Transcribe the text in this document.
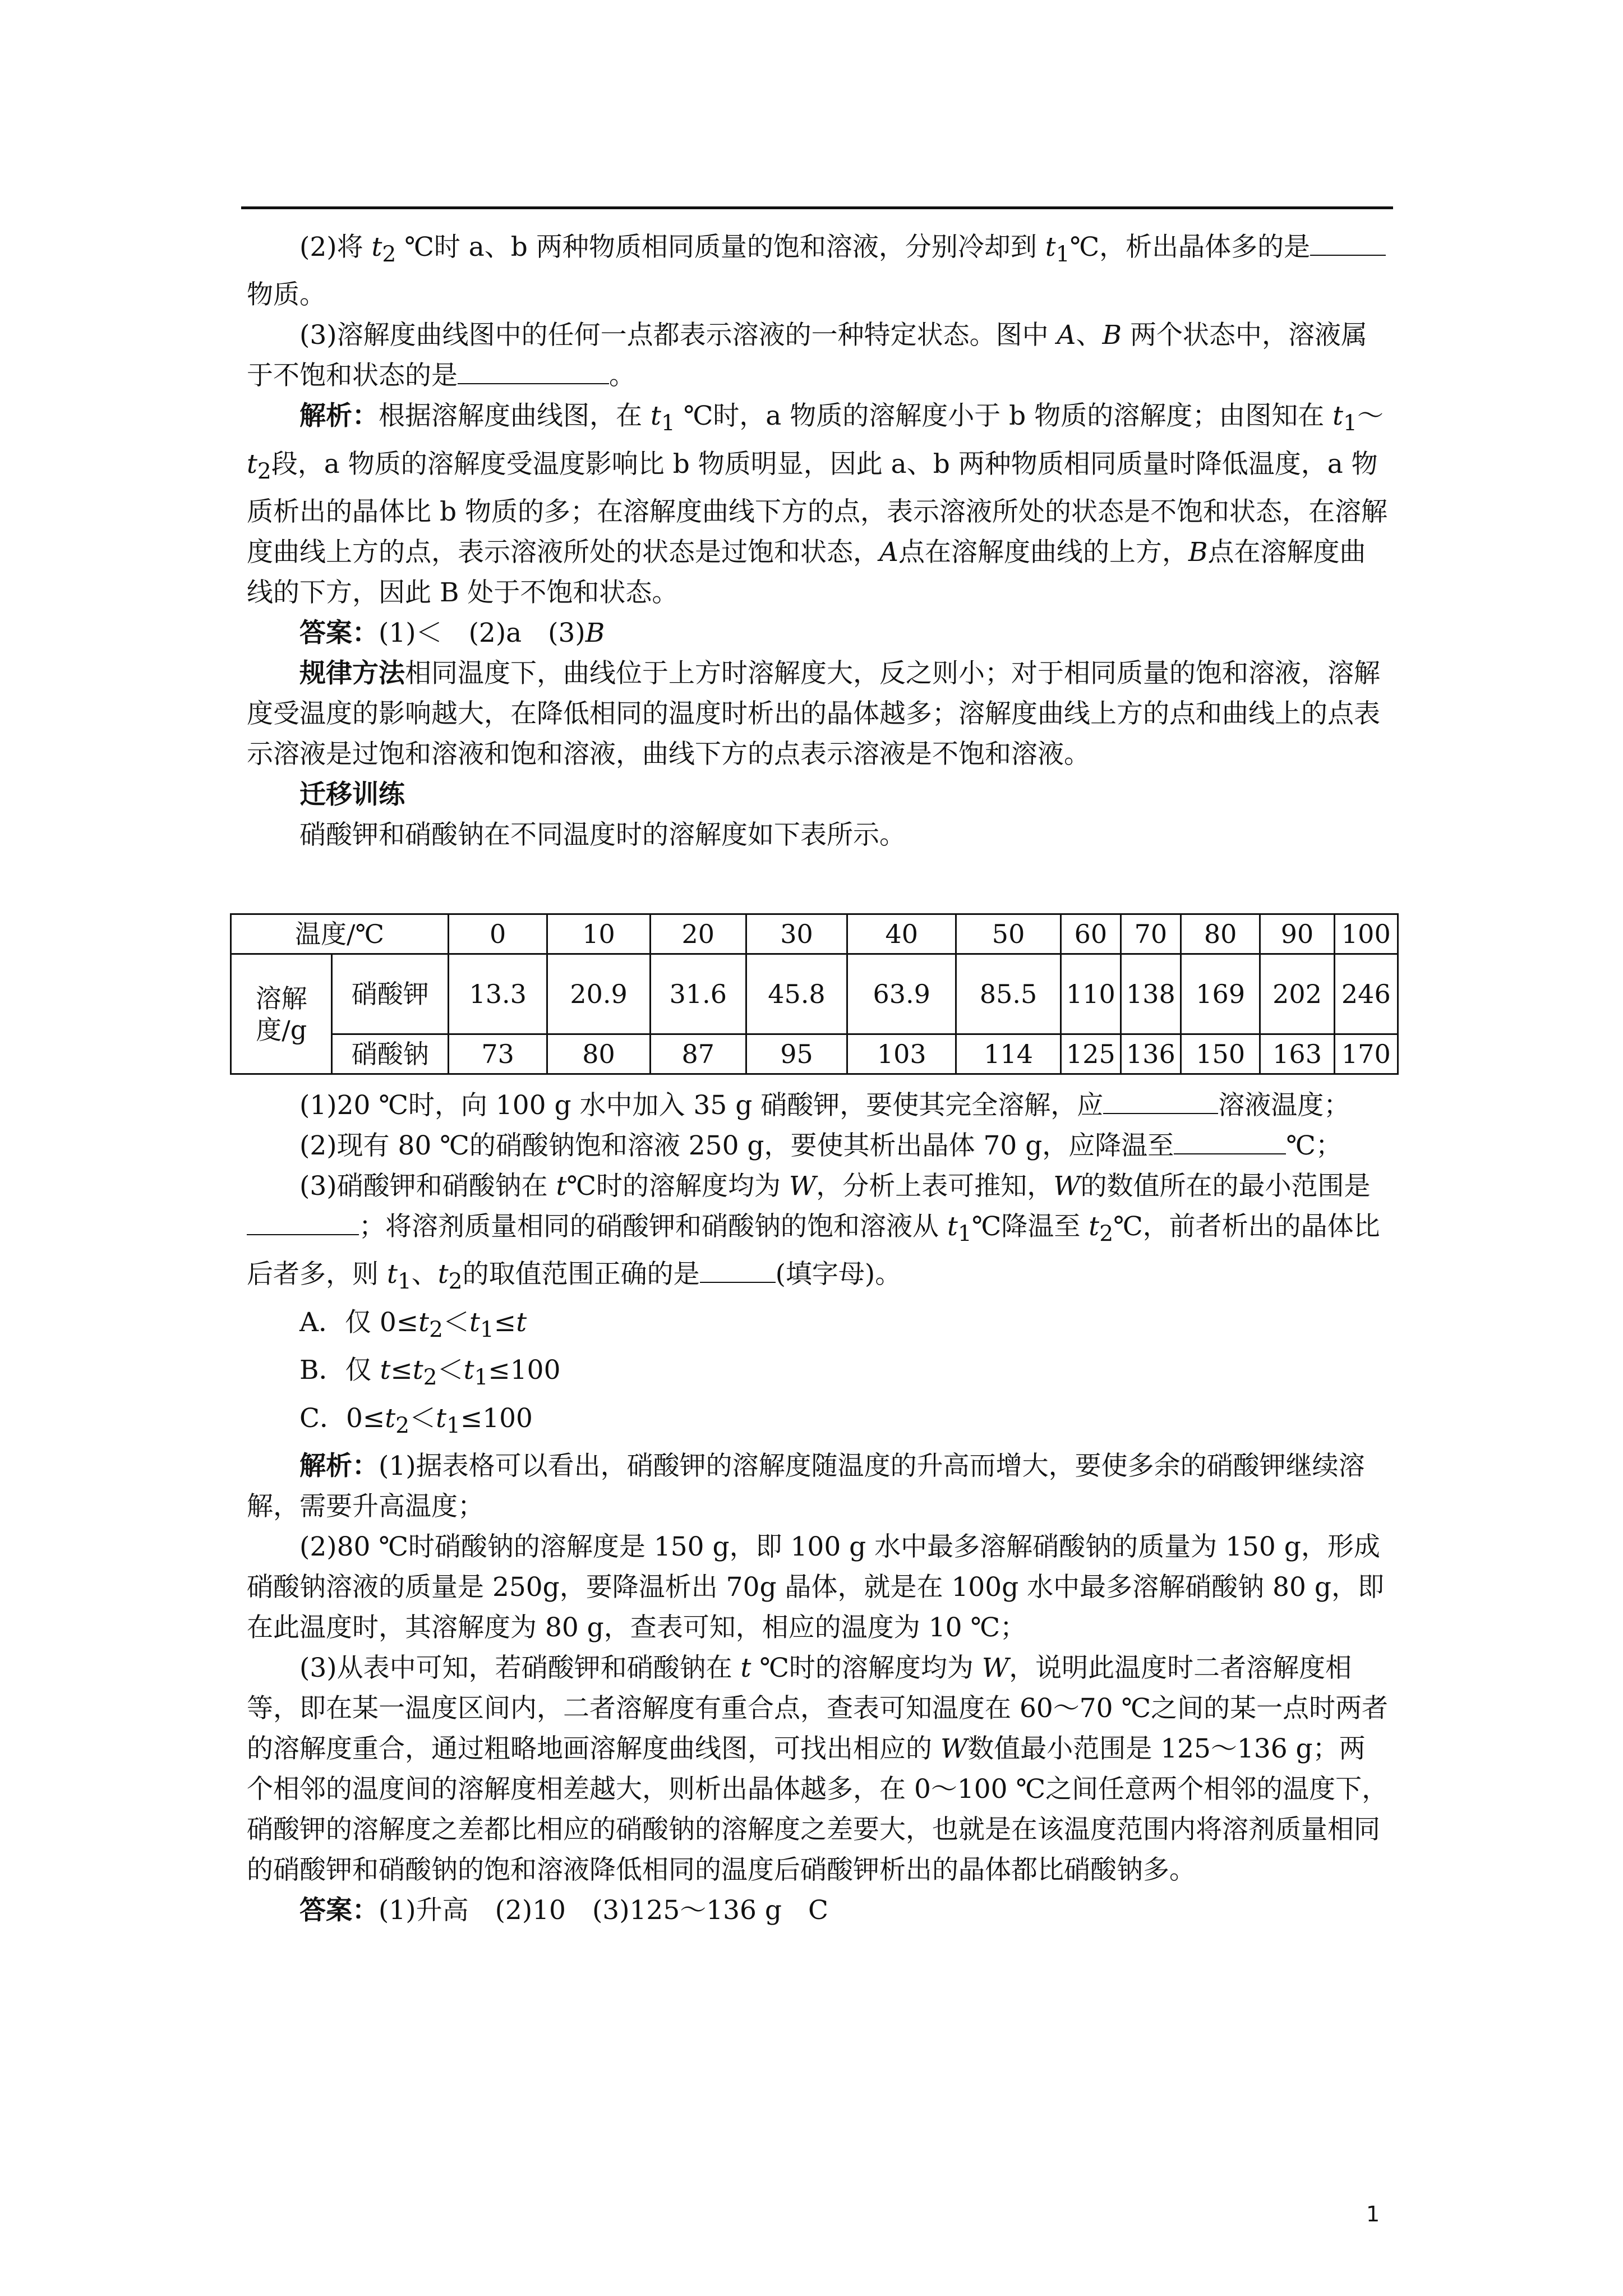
(2)将 $t_2$ ℃时 a、b 两种物质相同质量的饱和溶液，分别冷却到 $t_1℃$，析出晶体多的是物质。

(3)溶解度曲线图中的任何一点都表示溶液的一种特定状态。图中 A、B 两个状态中，溶液属于不饱和状态的是	。

解析：根据溶解度曲线图，在 $t_1$ ℃时，a 物质的溶解度小于 b 物质的溶解度；由图知在 $t_1\sim t_2$段，a 物质的溶解度受温度影响比 b 物质明显，因此 a、b 两种物质相同质量时降低温度，a 物质析出的晶体比 b 物质的多；在溶解度曲线下方的点，表示溶液所处的状态是不饱和状态，在溶解度曲线上方的点，表示溶液所处的状态是过饱和状态，A点在溶解度曲线的上方，B点在溶解度曲线的下方，因此 B 处于不饱和状态。

答案：(1)＜　(2)a　(3)B

规律方法相同温度下，曲线位于上方时溶解度大，反之则小；对于相同质量的饱和溶液，溶解度受温度的影响越大，在降低相同的温度时析出的晶体越多；溶解度曲线上方的点和曲线上的点表示溶液是过饱和溶液和饱和溶液，曲线下方的点表示溶液是不饱和溶液。

迁移训练

硝酸钾和硝酸钠在不同温度时的溶解度如下表所示。

温度/℃		0	10	20	30	40	50	60	70	80	90	100
溶解度/g	硝酸钾	13.3	20.9	31.6	45.8	63.9	85.5	110	138	169	202	246
	硝酸钠	73	80	87	95	103	114	125	136	150	163	170

(1)20 ℃时，向 100 g 水中加入 35 g 硝酸钾，要使其完全溶解，应	溶液温度；

(2)现有 80 ℃的硝酸钠饱和溶液 250 g，要使其析出晶体 70 g，应降温至	℃；

(3)硝酸钾和硝酸钠在 t℃时的溶解度均为 W，分析上表可推知，W的数值所在的最小范围是；将溶剂质量相同的硝酸钾和硝酸钠的饱和溶液从 $t_1℃$降温至 $t_2℃$，前者析出的晶体比后者多，则 $t_1$、$t_2$的取值范围正确的是	(填字母)。

A．仅 $0\le t_2<t_1\le t$

B．仅 $t\le t_2<t_1\le 100$

C．$0\le t_2<t_1\le 100$

解析：(1)据表格可以看出，硝酸钾的溶解度随温度的升高而增大，要使多余的硝酸钾继续溶解，需要升高温度；

(2)80 ℃时硝酸钠的溶解度是 150 g，即 100 g 水中最多溶解硝酸钠的质量为 150 g，形成硝酸钠溶液的质量是 250g，要降温析出 70g 晶体，就是在 100g 水中最多溶解硝酸钠 80 g，即在此温度时，其溶解度为 80 g，查表可知，相应的温度为 10 ℃；

(3)从表中可知，若硝酸钾和硝酸钠在 t ℃时的溶解度均为 W，说明此温度时二者溶解度相等，即在某一温度区间内，二者溶解度有重合点，查表可知温度在 60～70 ℃之间的某一点时两者的溶解度重合，通过粗略地画溶解度曲线图，可找出相应的 W数值最小范围是 125～136 g；两个相邻的温度间的溶解度相差越大，则析出晶体越多，在 0～100 ℃之间任意两个相邻的温度下，硝酸钾的溶解度之差都比相应的硝酸钠的溶解度之差要大，也就是在该温度范围内将溶剂质量相同的硝酸钾和硝酸钠的饱和溶液降低相同的温度后硝酸钾析出的晶体都比硝酸钠多。

答案：(1)升高　(2)10　(3)125～136 g　C

1
